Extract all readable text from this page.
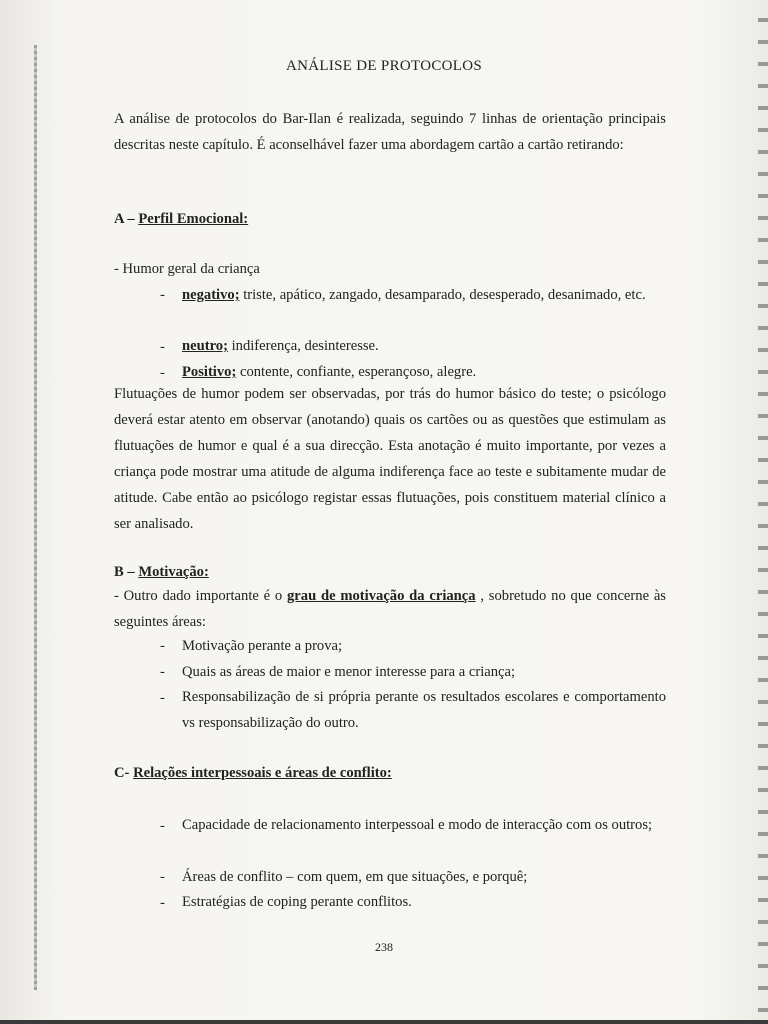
ANÁLISE DE PROTOCOLOS

A análise de protocolos do Bar-Ilan é realizada, seguindo 7 linhas de orientação principais descritas neste capítulo. É aconselhável fazer uma abordagem cartão a cartão retirando:

A – Perfil Emocional:

- Humor geral da criança

- negativo; triste, apático, zangado, desamparado, desesperado, desanimado, etc.

- neutro; indiferença, desinteresse.

- Positivo; contente, confiante, esperançoso, alegre.

Flutuações de humor podem ser observadas, por trás do humor básico do teste; o psicólogo deverá estar atento em observar (anotando) quais os cartões ou as questões que estimulam as flutuações de humor e qual é a sua direcção. Esta anotação é muito importante, por vezes a criança pode mostrar uma atitude de alguma indiferença face ao teste e subitamente mudar de atitude. Cabe então ao psicólogo registar essas flutuações, pois constituem material clínico a ser analisado.

B – Motivação:

- Outro dado importante é o grau de motivação da criança , sobretudo no que concerne às seguintes áreas:

- Motivação perante a prova;

- Quais as áreas de maior e menor interesse para a criança;

- Responsabilização de si própria perante os resultados escolares e comportamento vs responsabilização do outro.

C- Relações interpessoais e áreas de conflito:

- Capacidade de relacionamento interpessoal e modo de interacção com os outros;

- Áreas de conflito – com quem, em que situações, e porquê;

- Estratégias de coping perante conflitos.

238
